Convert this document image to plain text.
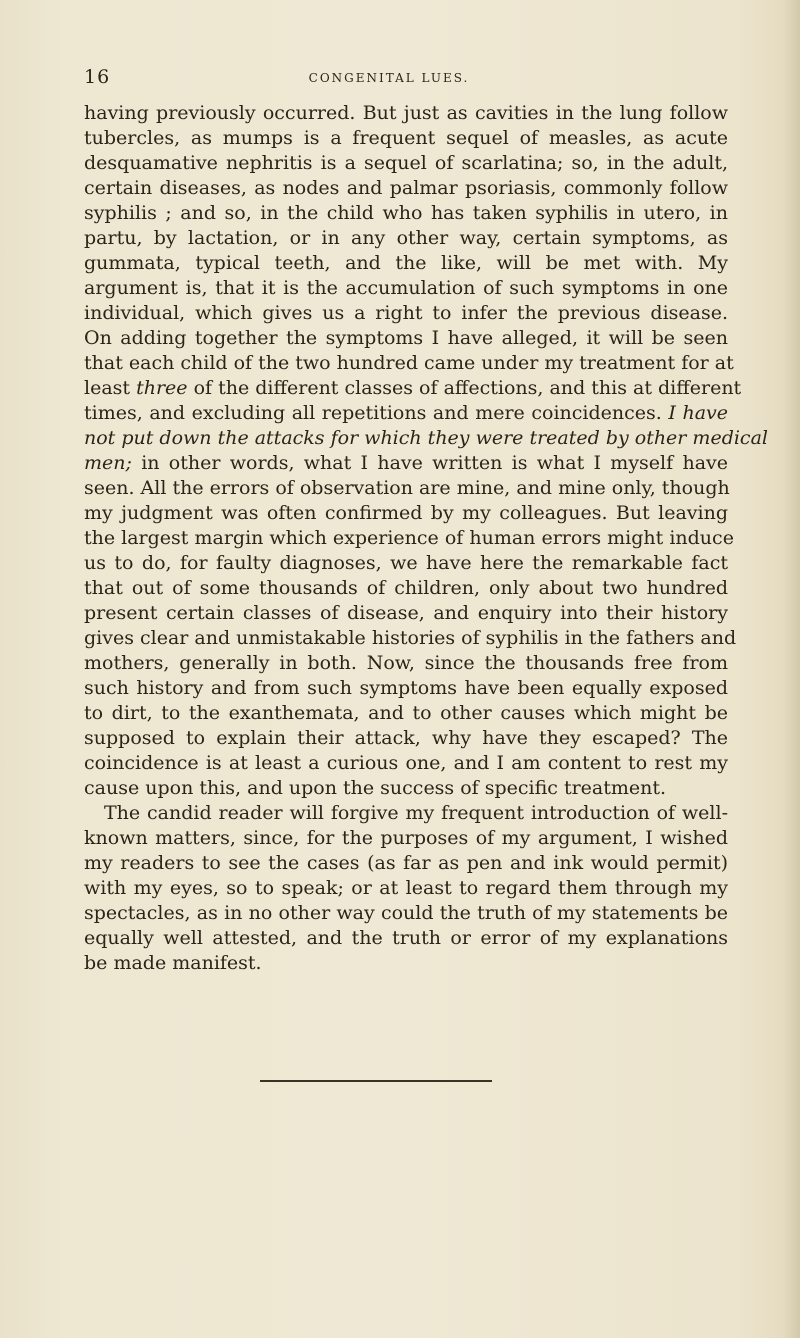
16	CONGENITAL LUES.
having previously occurred. But just as cavities in the lung follow
tubercles, as mumps is a frequent sequel of measles, as acute
desquamative nephritis is a sequel of scarlatina; so, in the adult,
certain diseases, as nodes and palmar psoriasis, commonly follow
syphilis ; and so, in the child who has taken syphilis in utero, in
partu, by lactation, or in any other way, certain symptoms, as
gummata, typical teeth, and the like, will be met with. My
argument is, that it is the accumulation of such symptoms in one
individual, which gives us a right to infer the previous disease.
On adding together the symptoms I have alleged, it will be seen
that each child of the two hundred came under my treatment for at
least three of the different classes of affections, and this at different
times, and excluding all repetitions and mere coincidences. I have
not put down the attacks for which they were treated by other medical
men; in other words, what I have written is what I myself have
seen. All the errors of observation are mine, and mine only, though
my judgment was often confirmed by my colleagues. But leaving
the largest margin which experience of human errors might induce
us to do, for faulty diagnoses, we have here the remarkable fact
that out of some thousands of children, only about two hundred
present certain classes of disease, and enquiry into their history
gives clear and unmistakable histories of syphilis in the fathers and
mothers, generally in both. Now, since the thousands free from
such history and from such symptoms have been equally exposed
to dirt, to the exanthemata, and to other causes which might be
supposed to explain their attack, why have they escaped? The
coincidence is at least a curious one, and I am content to rest my
cause upon this, and upon the success of specific treatment.
The candid reader will forgive my frequent introduction of well-
known matters, since, for the purposes of my argument, I wished
my readers to see the cases (as far as pen and ink would permit)
with my eyes, so to speak; or at least to regard them through my
spectacles, as in no other way could the truth of my statements be
equally well attested, and the truth or error of my explanations
be made manifest.
